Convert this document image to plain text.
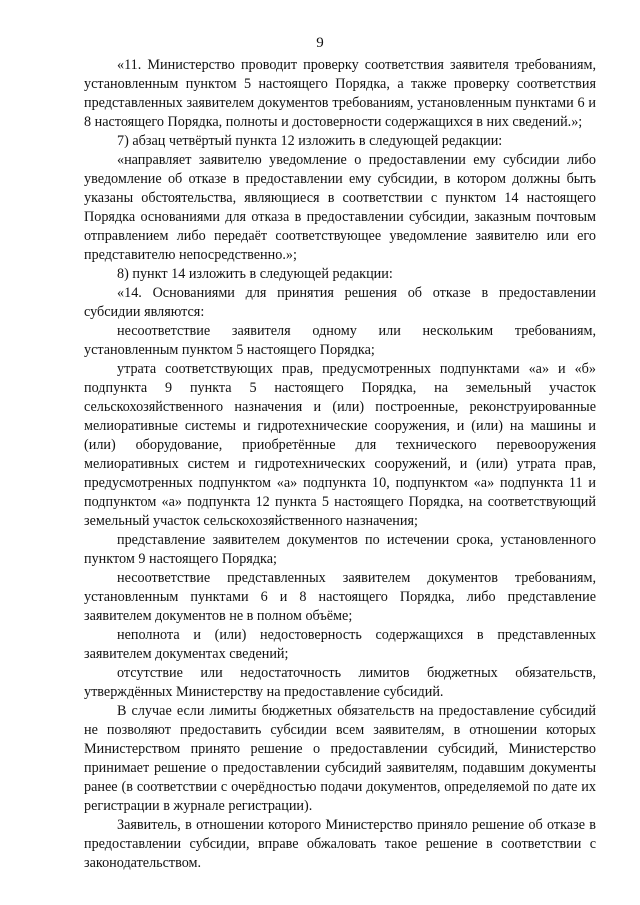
9

«11. Министерство проводит проверку соответствия заявителя требованиям, установленным пунктом 5 настоящего Порядка, а также проверку соответствия представленных заявителем документов требованиям, установленным пунктами 6 и 8 настоящего Порядка, полноты и достоверности содержащихся в них сведений.»;

7) абзац четвёртый пункта 12 изложить в следующей редакции:

«направляет заявителю уведомление о предоставлении ему субсидии либо уведомление об отказе в предоставлении ему субсидии, в котором должны быть указаны обстоятельства, являющиеся в соответствии с пунктом 14 настоящего Порядка основаниями для отказа в предоставлении субсидии, заказным почтовым отправлением либо передаёт соответствующее уведомление заявителю или его представителю непосредственно.»;

8) пункт 14 изложить в следующей редакции:

«14. Основаниями для принятия решения об отказе в предоставлении субсидии являются:

несоответствие заявителя одному или нескольким требованиям, установленным пунктом 5 настоящего Порядка;

утрата соответствующих прав, предусмотренных подпунктами «а» и «б» подпункта 9 пункта 5 настоящего Порядка, на земельный участок сельскохозяйственного назначения и (или) построенные, реконструированные мелиоративные системы и гидротехнические сооружения, и (или) на машины и (или) оборудование, приобретённые для технического перевооружения мелиоративных систем и гидротехнических сооружений, и (или) утрата прав, предусмотренных подпунктом «а» подпункта 10, подпунктом «а» подпункта 11 и подпунктом «а» подпункта 12 пункта 5 настоящего Порядка, на соответствующий земельный участок сельскохозяйственного назначения;

представление заявителем документов по истечении срока, установленного пунктом 9 настоящего Порядка;

несоответствие представленных заявителем документов требованиям, установленным пунктами 6 и 8 настоящего Порядка, либо представление заявителем документов не в полном объёме;

неполнота и (или) недостоверность содержащихся в представленных заявителем документах сведений;

отсутствие или недостаточность лимитов бюджетных обязательств, утверждённых Министерству на предоставление субсидий.

В случае если лимиты бюджетных обязательств на предоставление субсидий не позволяют предоставить субсидии всем заявителям, в отношении которых Министерством принято решение о предоставлении субсидий, Министерство принимает решение о предоставлении субсидий заявителям, подавшим документы ранее (в соответствии с очерёдностью подачи документов, определяемой по дате их регистрации в журнале регистрации).

Заявитель, в отношении которого Министерство приняло решение об отказе в предоставлении субсидии, вправе обжаловать такое решение в соответствии с законодательством.
